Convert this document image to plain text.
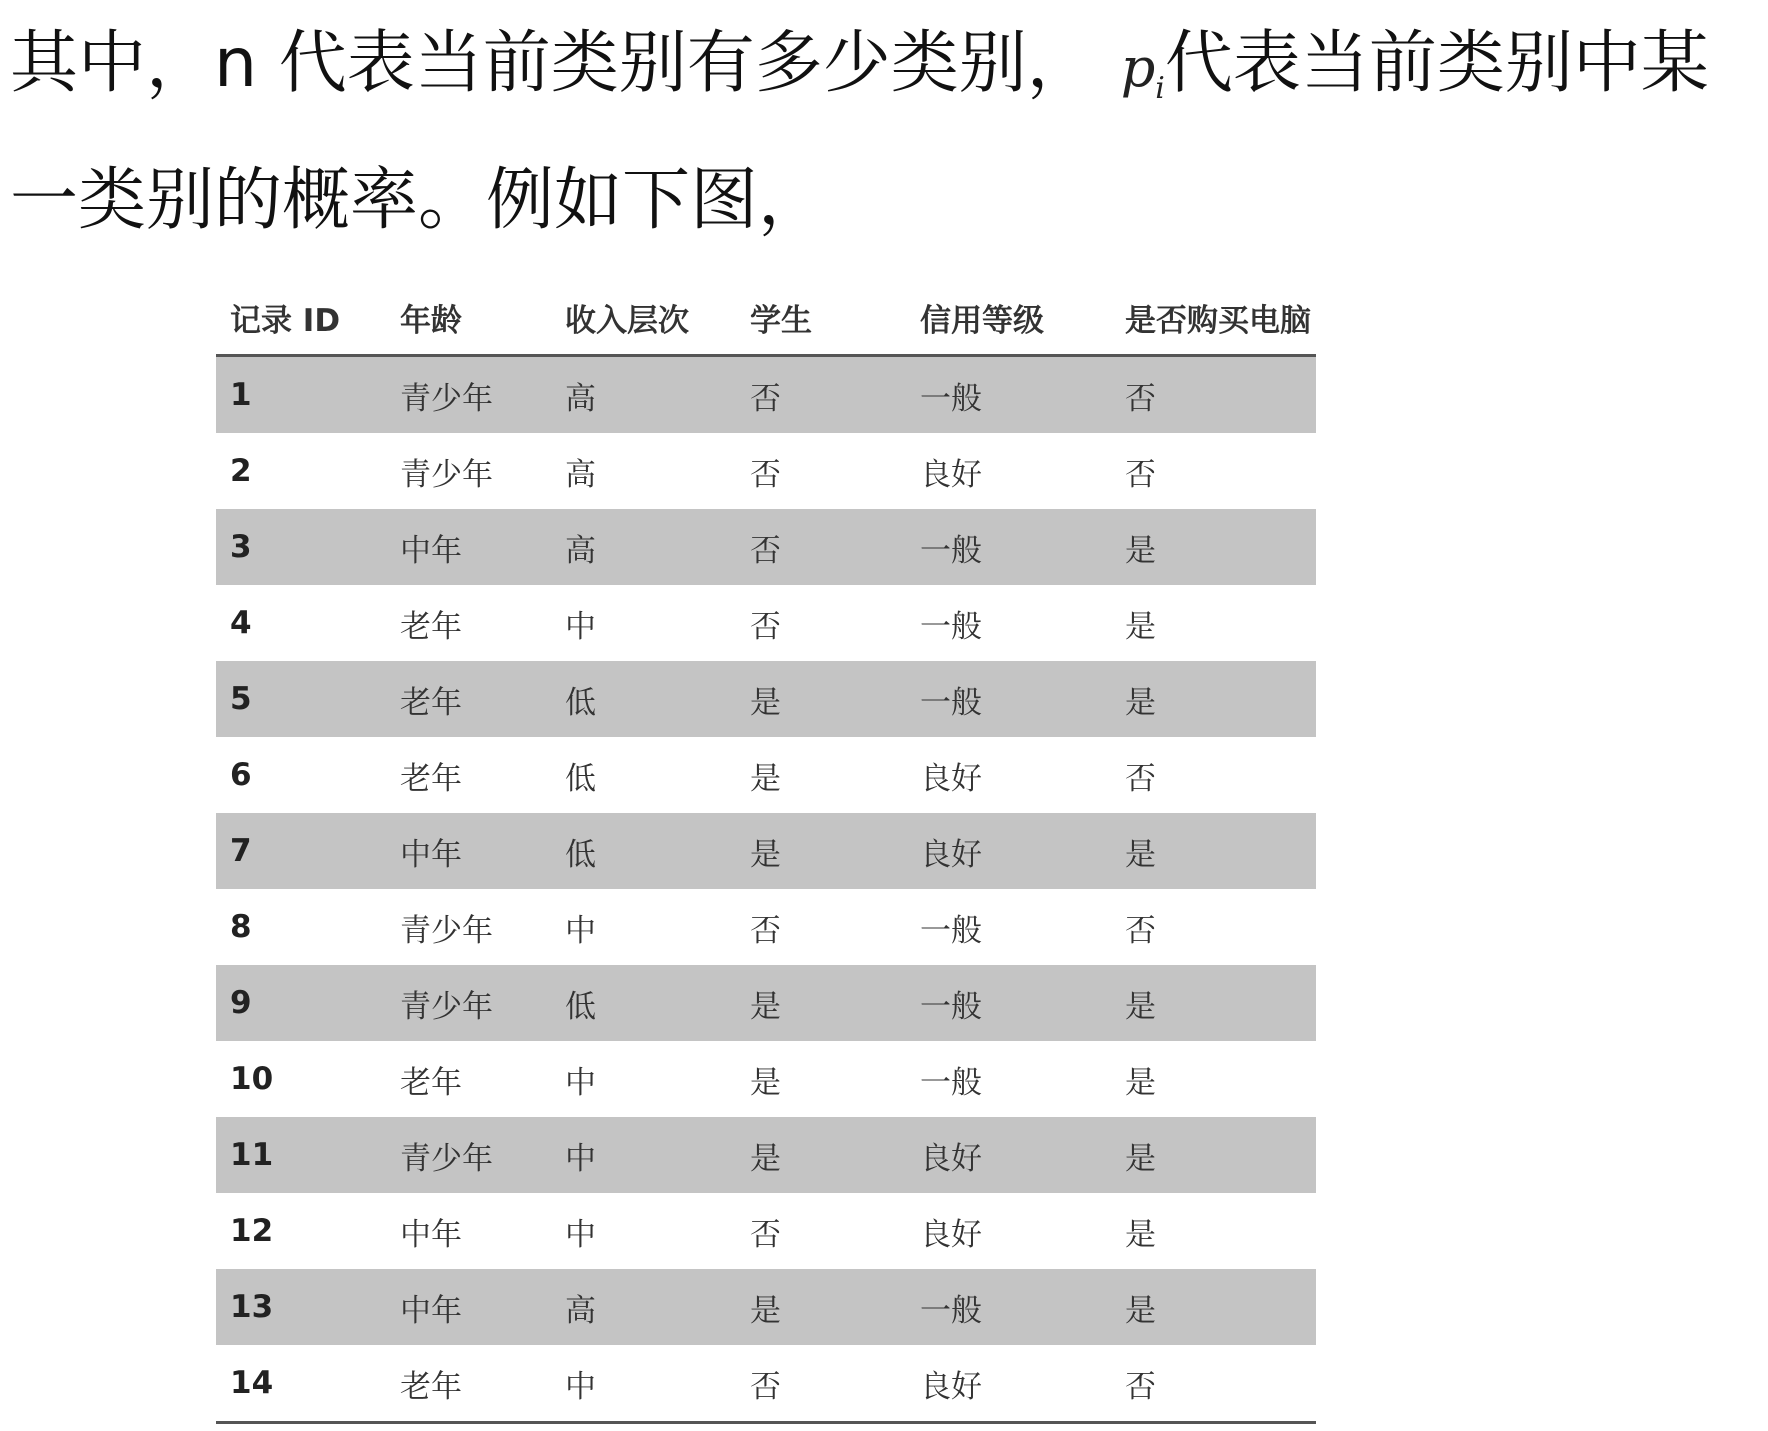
其中，n 代表当前类别有多少类别， $p_i$代表当前类别中某一类别的概率。例如下图，

记录 ID	年龄	收入层次	学生	信用等级	是否购买电脑
1	青少年	高	否	一般	否
2	青少年	高	否	良好	否
3	中年	高	否	一般	是
4	老年	中	否	一般	是
5	老年	低	是	一般	是
6	老年	低	是	良好	否
7	中年	低	是	良好	是
8	青少年	中	否	一般	否
9	青少年	低	是	一般	是
10	老年	中	是	一般	是
11	青少年	中	是	良好	是
12	中年	中	否	良好	是
13	中年	高	是	一般	是
14	老年	中	否	良好	否
